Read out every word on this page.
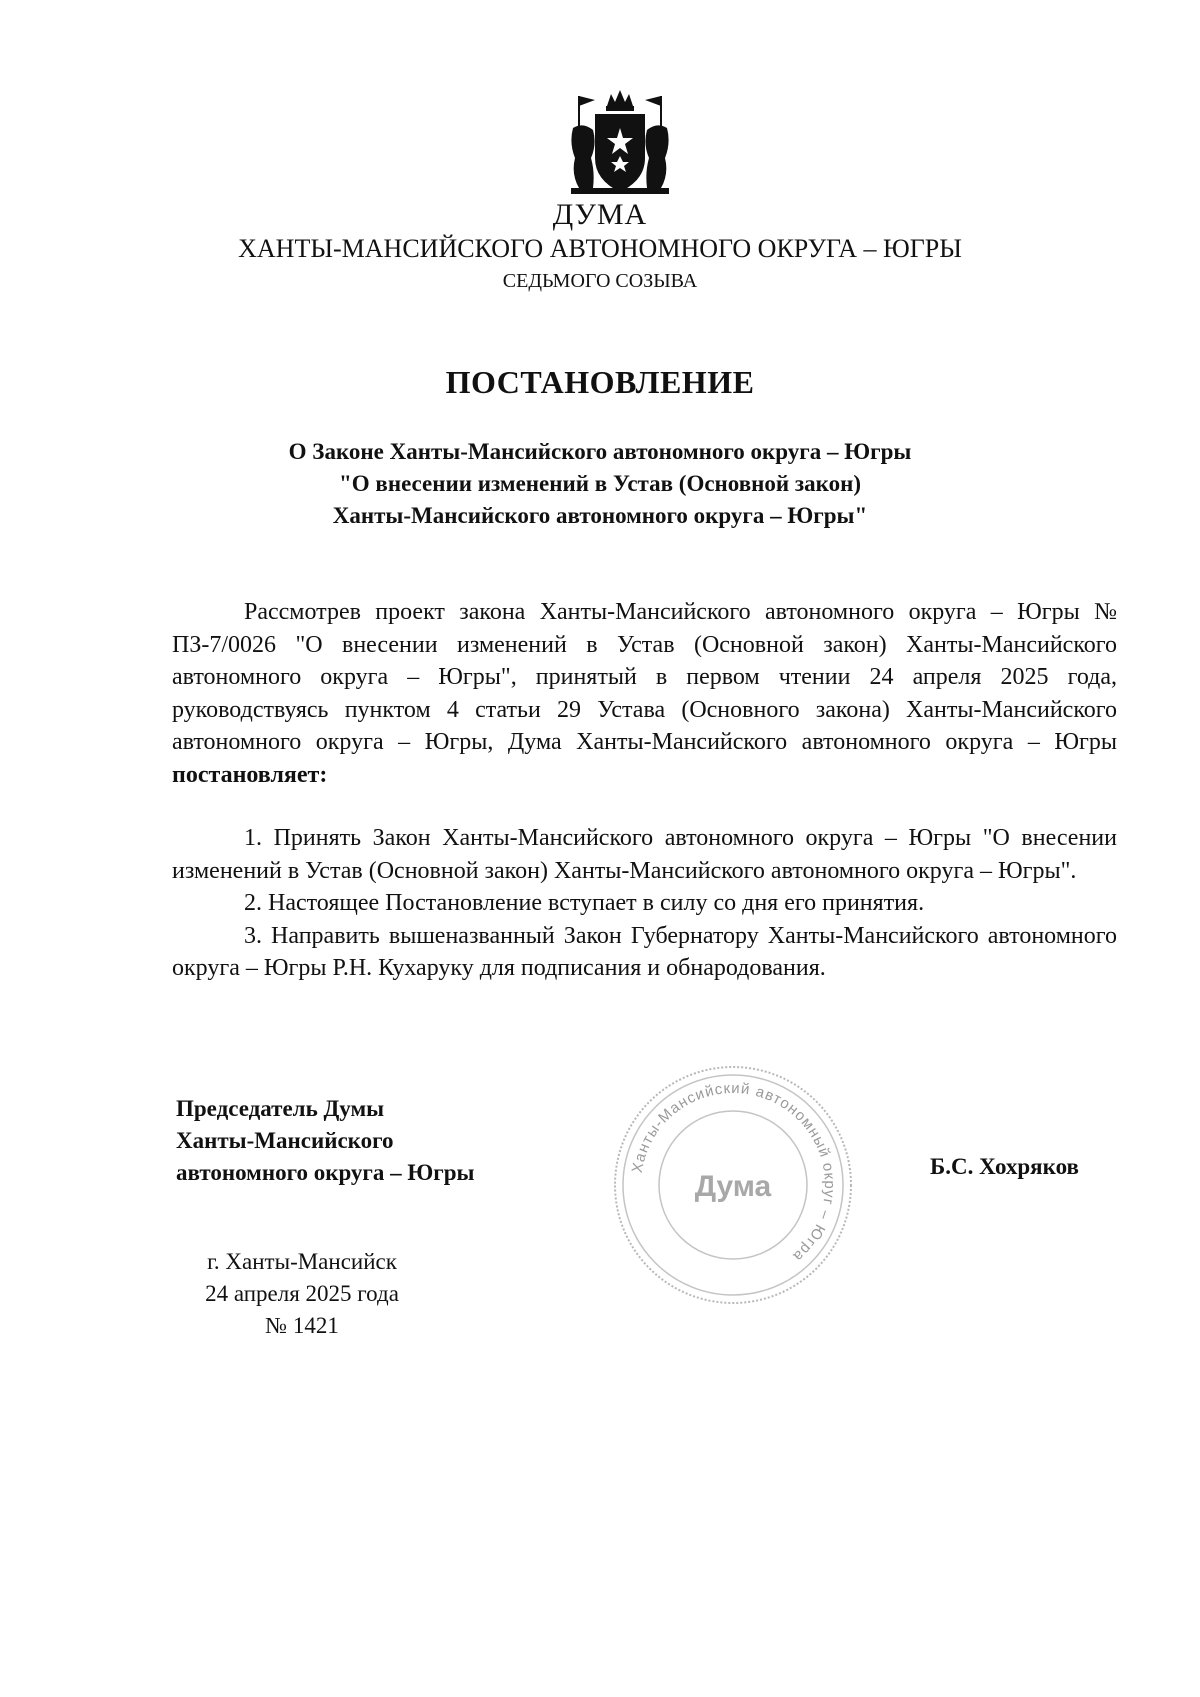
ДУМА
ХАНТЫ-МАНСИЙСКОГО АВТОНОМНОГО ОКРУГА – ЮГРЫ
СЕДЬМОГО СОЗЫВА
ПОСТАНОВЛЕНИЕ
О Законе Ханты-Мансийского автономного округа – Югры
"О внесении изменений в Устав (Основной закон)
Ханты-Мансийского автономного округа – Югры"

Рассмотрев проект закона Ханты-Мансийского автономного округа – Югры № ПЗ-7/0026 "О внесении изменений в Устав (Основной закон) Ханты-Мансийского автономного округа – Югры", принятый в первом чтении 24 апреля 2025 года, руководствуясь пунктом 4 статьи 29 Устава (Основного закона) Ханты-Мансийского автономного округа – Югры, Дума Ханты-Мансийского автономного округа – Югры постановляет:

1. Принять Закон Ханты-Мансийского автономного округа – Югры "О внесении изменений в Устав (Основной закон) Ханты-Мансийского автономного округа – Югры".

2. Настоящее Постановление вступает в силу со дня его принятия.

3. Направить вышеназванный Закон Губернатору Ханты-Мансийского автономного округа – Югры Р.Н. Кухаруку для подписания и обнародования.

Председатель Думы
Ханты-Мансийского
автономного округа – Югры	Ханты-Мансийский автономный округ – Югра
Дума
Б.С. Хохряков
г. Ханты-Мансийск
24 апреля 2025 года
№ 1421
